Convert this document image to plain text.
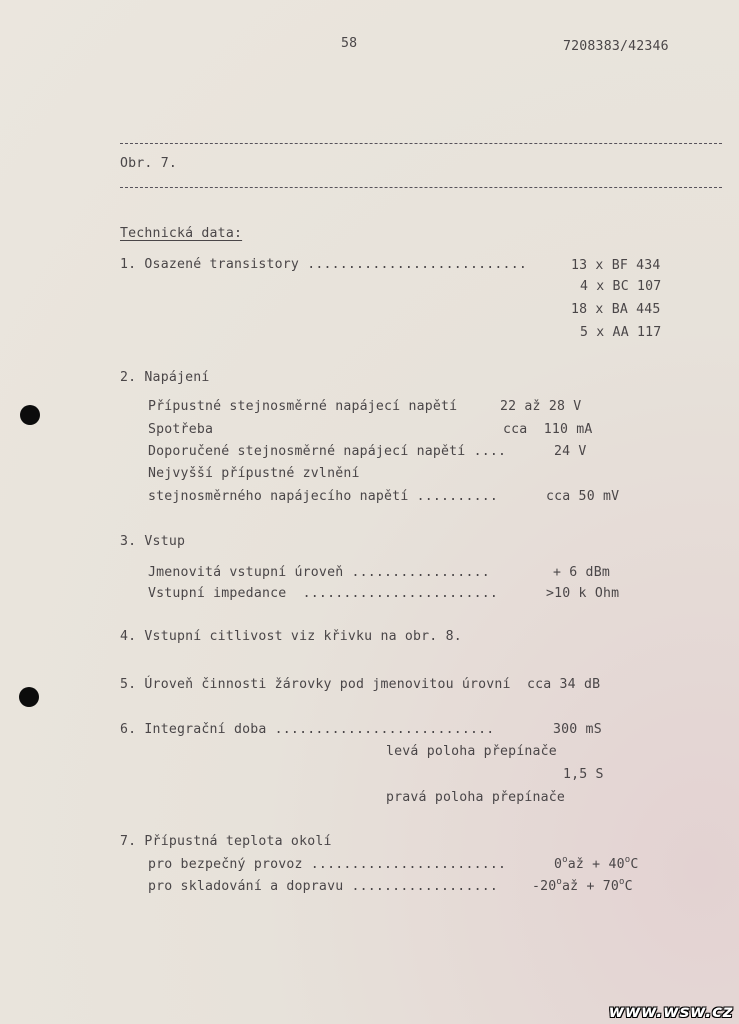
58	7208383/42346
Obr. 7.
Technická data:
1. Osazené transistory ...........................	13 x BF 434
4 x BC 107
18 x BA 445
5 x AA 117
2. Napájení
Přípustné stejnosměrné napájecí napětí	22 až 28 V
Spotřeba	cca  110 mA
Doporučené stejnosměrné napájecí napětí ....	24 V
Nejvyšší přípustné zvlnění
stejnosměrného napájecího napětí ..........	cca 50 mV
3. Vstup
Jmenovitá vstupní úroveň .................	+ 6 dBm
Vstupní impedance  ........................	>10 k Ohm
4. Vstupní citlivost viz křivku na obr. 8.
5. Úroveň činnosti žárovky pod jmenovitou úrovní  cca 34 dB
6. Integrační doba ...........................	300 mS
levá poloha přepínače
1,5 S
pravá poloha přepínače
7. Přípustná teplota okolí
pro bezpečný provoz ........................	$0^oaž + 40^oC$
pro skladování a dopravu ..................	$-20^oaž + 70^oC$
www.wsw.cz
